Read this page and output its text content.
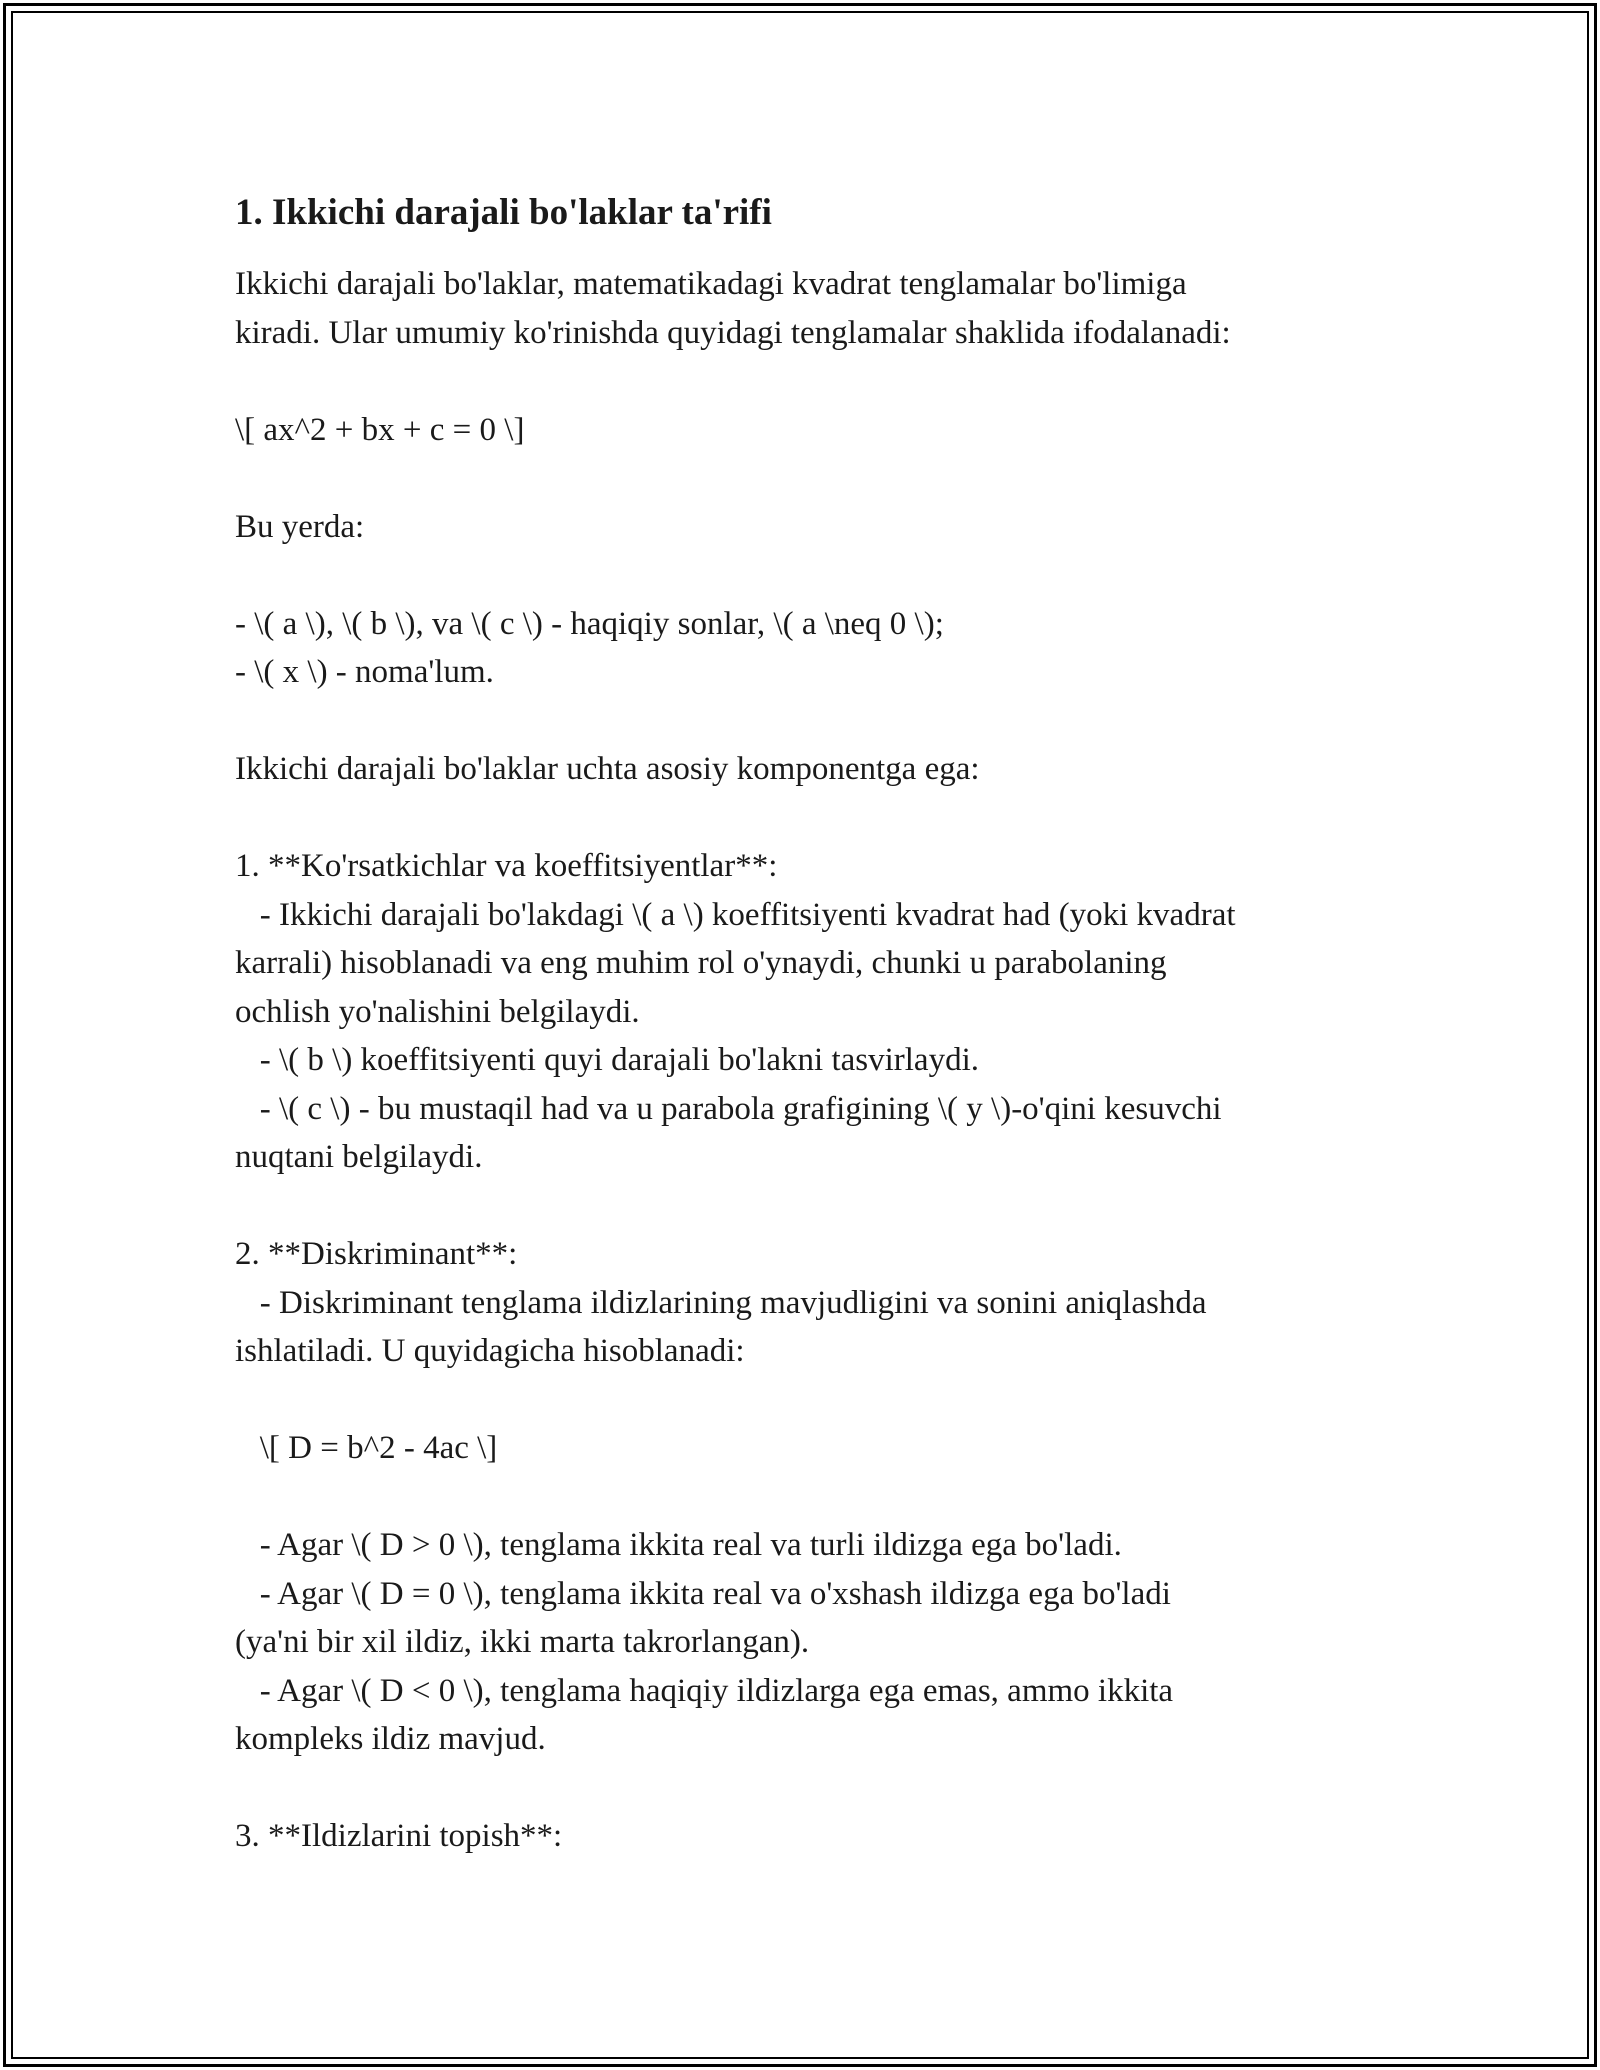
1. Ikkichi darajali bo'laklar ta'rifi
Ikkichi darajali bo'laklar, matematikadagi kvadrat tenglamalar bo'limiga
kiradi. Ular umumiy ko'rinishda quyidagi tenglamalar shaklida ifodalanadi:
\[ ax^2 + bx + c = 0 \]
Bu yerda:
- \( a \), \( b \), va \( c \) - haqiqiy sonlar, \( a \neq 0 \);
- \( x \) - noma'lum.
Ikkichi darajali bo'laklar uchta asosiy komponentga ega:
1. **Ko'rsatkichlar va koeffitsiyentlar**:
- Ikkichi darajali bo'lakdagi \( a \) koeffitsiyenti kvadrat had (yoki kvadrat
karrali) hisoblanadi va eng muhim rol o'ynaydi, chunki u parabolaning
ochlish yo'nalishini belgilaydi.
- \( b \) koeffitsiyenti quyi darajali bo'lakni tasvirlaydi.
- \( c \) - bu mustaqil had va u parabola grafigining \( y \)-o'qini kesuvchi
nuqtani belgilaydi.
2. **Diskriminant**:
- Diskriminant tenglama ildizlarining mavjudligini va sonini aniqlashda
ishlatiladi. U quyidagicha hisoblanadi:
\[ D = b^2 - 4ac \]
- Agar \( D > 0 \), tenglama ikkita real va turli ildizga ega bo'ladi.
- Agar \( D = 0 \), tenglama ikkita real va o'xshash ildizga ega bo'ladi
(ya'ni bir xil ildiz, ikki marta takrorlangan).
- Agar \( D < 0 \), tenglama haqiqiy ildizlarga ega emas, ammo ikkita
kompleks ildiz mavjud.
3. **Ildizlarini topish**:
